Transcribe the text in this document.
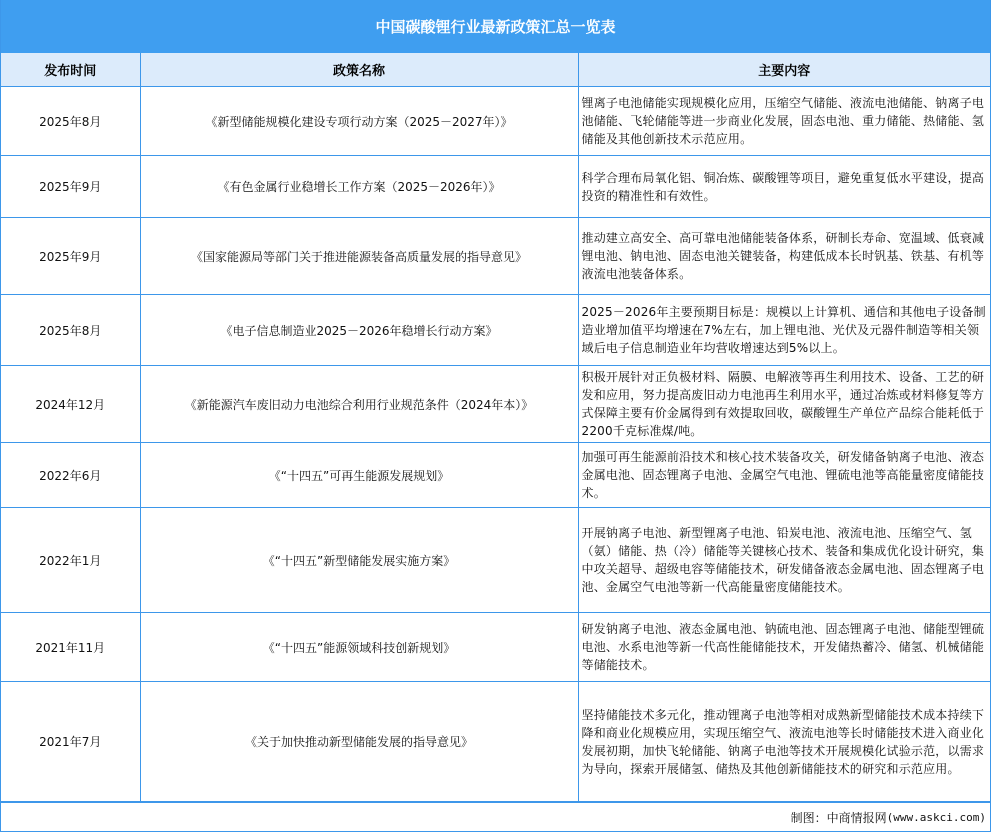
中国碳酸锂行业最新政策汇总一览表
发布时间	政策名称	主要内容
2025年8月	《新型储能规模化建设专项行动方案（2025－2027年）》	锂离子电池储能实现规模化应用，压缩空气储能、液流电池储能、钠离子电池储能、飞轮储能等进一步商业化发展，固态电池、重力储能、热储能、氢储能及其他创新技术示范应用。
2025年9月	《有色金属行业稳增长工作方案（2025－2026年）》	科学合理布局氧化铝、铜冶炼、碳酸锂等项目，避免重复低水平建设，提高投资的精准性和有效性。
2025年9月	《国家能源局等部门关于推进能源装备高质量发展的指导意见》	推动建立高安全、高可靠电池储能装备体系，研制长寿命、宽温域、低衰减锂电池、钠电池、固态电池关键装备，构建低成本长时钒基、铁基、有机等液流电池装备体系。
2025年8月	《电子信息制造业2025－2026年稳增长行动方案》	2025－2026年主要预期目标是：规模以上计算机、通信和其他电子设备制造业增加值平均增速在7%左右，加上锂电池、光伏及元器件制造等相关领域后电子信息制造业年均营收增速达到5%以上。
2024年12月	《新能源汽车废旧动力电池综合利用行业规范条件（2024年本）》	积极开展针对正负极材料、隔膜、电解液等再生利用技术、设备、工艺的研发和应用，努力提高废旧动力电池再生利用水平，通过冶炼或材料修复等方式保障主要有价金属得到有效提取回收，碳酸锂生产单位产品综合能耗低于2200千克标准煤/吨。
2022年6月	《“十四五”可再生能源发展规划》	加强可再生能源前沿技术和核心技术装备攻关，研发储备钠离子电池、液态金属电池、固态锂离子电池、金属空气电池、锂硫电池等高能量密度储能技术。
2022年1月	《“十四五”新型储能发展实施方案》	开展钠离子电池、新型锂离子电池、铅炭电池、液流电池、压缩空气、氢（氨）储能、热（冷）储能等关键核心技术、装备和集成优化设计研究，集中攻关超导、超级电容等储能技术，研发储备液态金属电池、固态锂离子电池、金属空气电池等新一代高能量密度储能技术。
2021年11月	《“十四五”能源领域科技创新规划》	研发钠离子电池、液态金属电池、钠硫电池、固态锂离子电池、储能型锂硫电池、水系电池等新一代高性能储能技术，开发储热蓄冷、储氢、机械储能等储能技术。
2021年7月	《关于加快推动新型储能发展的指导意见》	坚持储能技术多元化，推动锂离子电池等相对成熟新型储能技术成本持续下降和商业化规模应用，实现压缩空气、液流电池等长时储能技术进入商业化发展初期，加快飞轮储能、钠离子电池等技术开展规模化试验示范，以需求为导向，探索开展储氢、储热及其他创新储能技术的研究和示范应用。
制图：中商情报网 (www.askci.com)
